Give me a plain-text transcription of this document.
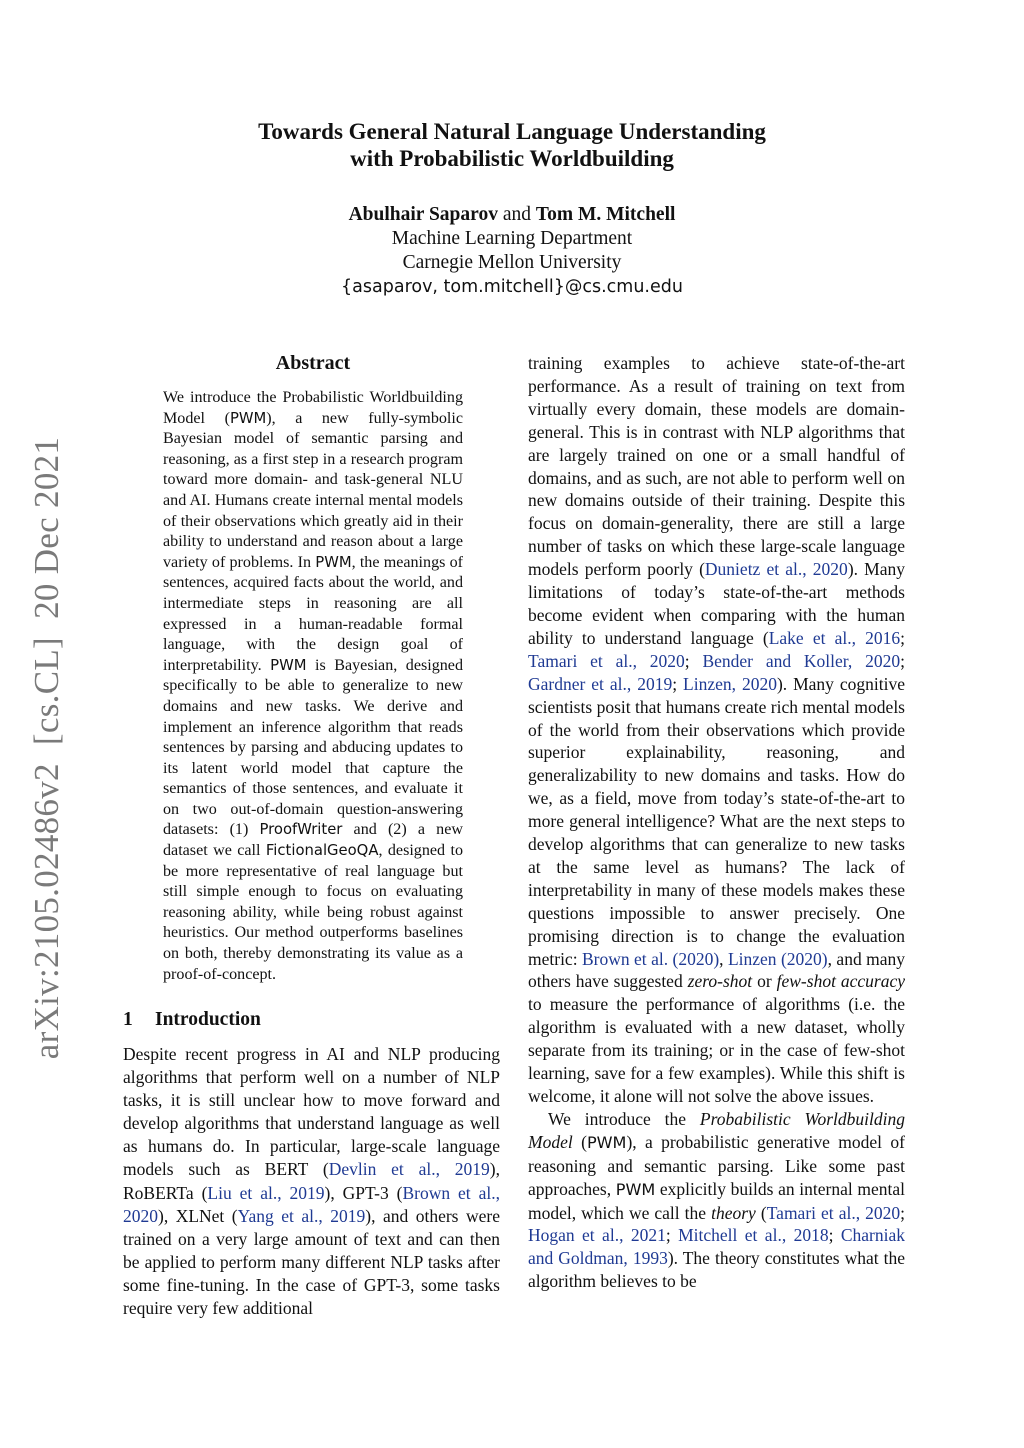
Towards General Natural Language Understanding
with Probabilistic Worldbuilding
Abulhair Saparov and Tom M. Mitchell
Machine Learning Department
Carnegie Mellon University
{asaparov, tom.mitchell}@cs.cmu.edu
arXiv:2105.02486v2  [cs.CL]  20 Dec 2021
Abstract
We introduce the Probabilistic Worldbuilding Model (PWM), a new fully-symbolic Bayesian model of semantic parsing and reasoning, as a first step in a research program toward more domain- and task-general NLU and AI. Humans create internal mental models of their observations which greatly aid in their ability to understand and reason about a large variety of problems. In PWM, the meanings of sentences, acquired facts about the world, and intermediate steps in reasoning are all expressed in a human-readable formal language, with the design goal of interpretability. PWM is Bayesian, designed specifically to be able to generalize to new domains and new tasks. We derive and implement an inference algorithm that reads sentences by parsing and abducing updates to its latent world model that capture the semantics of those sentences, and evaluate it on two out-of-domain question-answering datasets: (1) ProofWriter and (2) a new dataset we call FictionalGeoQA, designed to be more representative of real language but still simple enough to focus on evaluating reasoning ability, while being robust against heuristics. Our method outperforms baselines on both, thereby demonstrating its value as a proof-of-concept.
1 Introduction

Despite recent progress in AI and NLP producing algorithms that perform well on a number of NLP tasks, it is still unclear how to move forward and develop algorithms that understand language as well as humans do. In particular, large-scale language models such as BERT (Devlin et al., 2019), RoBERTa (Liu et al., 2019), GPT-3 (Brown et al., 2020), XLNet (Yang et al., 2019), and others were trained on a very large amount of text and can then be applied to perform many different NLP tasks after some fine-tuning. In the case of GPT-3, some tasks require very few additional

training examples to achieve state-of-the-art performance. As a result of training on text from virtually every domain, these models are domain-general. This is in contrast with NLP algorithms that are largely trained on one or a small handful of domains, and as such, are not able to perform well on new domains outside of their training. Despite this focus on domain-generality, there are still a large number of tasks on which these large-scale language models perform poorly (Dunietz et al., 2020). Many limitations of today’s state-of-the-art methods become evident when comparing with the human ability to understand language (Lake et al., 2016; Tamari et al., 2020; Bender and Koller, 2020; Gardner et al., 2019; Linzen, 2020). Many cognitive scientists posit that humans create rich mental models of the world from their observations which provide superior explainability, reasoning, and generalizability to new domains and tasks. How do we, as a field, move from today’s state-of-the-art to more general intelligence? What are the next steps to develop algorithms that can generalize to new tasks at the same level as humans? The lack of interpretability in many of these models makes these questions impossible to answer precisely. One promising direction is to change the evaluation metric: Brown et al. (2020), Linzen (2020), and many others have suggested zero-shot or few-shot accuracy to measure the performance of algorithms (i.e. the algorithm is evaluated with a new dataset, wholly separate from its training; or in the case of few-shot learning, save for a few examples). While this shift is welcome, it alone will not solve the above issues.

We introduce the Probabilistic Worldbuilding Model (PWM), a probabilistic generative model of reasoning and semantic parsing. Like some past approaches, PWM explicitly builds an internal mental model, which we call the theory (Tamari et al., 2020; Hogan et al., 2021; Mitchell et al., 2018; Charniak and Goldman, 1993). The theory constitutes what the algorithm believes to be
